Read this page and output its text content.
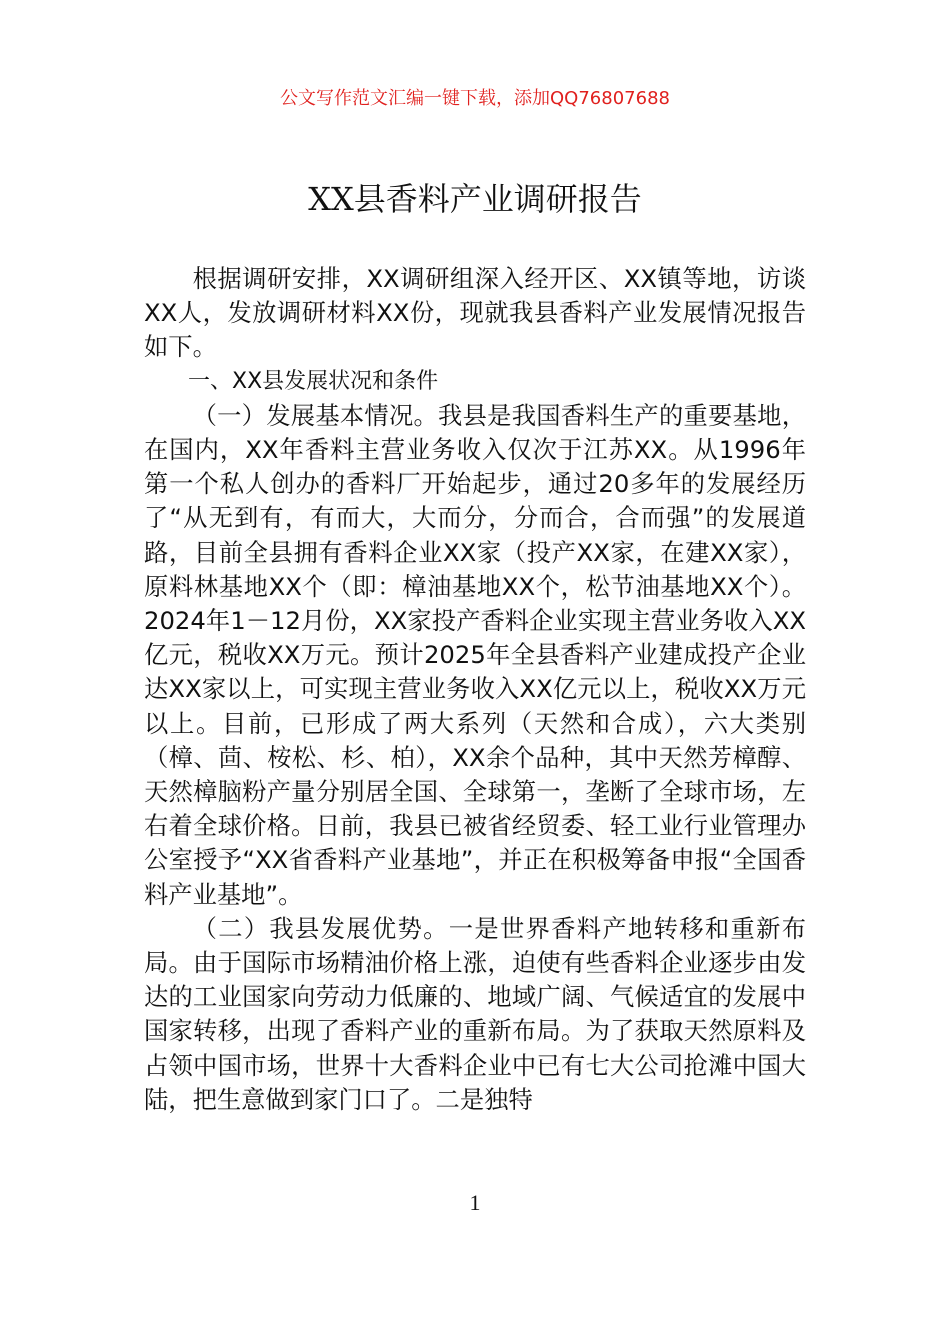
公文写作范文汇编一键下载，添加QQ76807688
XX县香料产业调研报告

根据调研安排，XX调研组深入经开区、XX镇等地，访谈XX人，发放调研材料XX份，现就我县香料产业发展情况报告如下。

一、XX县发展状况和条件

（一）发展基本情况。我县是我国香料生产的重要基地，在国内，XX年香料主营业务收入仅次于江苏XX。从1996年第一个私人创办的香料厂开始起步，通过20多年的发展经历了“从无到有，有而大，大而分，分而合，合而强”的发展道路，目前全县拥有香料企业XX家（投产XX家，在建XX家），原料林基地XX个（即：樟油基地XX个，松节油基地XX个）。2024年1－12月份，XX家投产香料企业实现主营业务收入XX亿元，税收XX万元。预计2025年全县香料产业建成投产企业达XX家以上，可实现主营业务收入XX亿元以上，税收XX万元以上。目前，已形成了两大系列（天然和合成），六大类别（樟、茴、桉松、杉、柏），XX余个品种，其中天然芳樟醇、天然樟脑粉产量分别居全国、全球第一，垄断了全球市场，左右着全球价格。日前，我县已被省经贸委、轻工业行业管理办公室授予“XX省香料产业基地”，并正在积极筹备申报“全国香料产业基地”。

（二）我县发展优势。一是世界香料产地转移和重新布局。由于国际市场精油价格上涨，迫使有些香料企业逐步由发达的工业国家向劳动力低廉的、地域广阔、气候适宜的发展中国家转移，出现了香料产业的重新布局。为了获取天然原料及占领中国市场，世界十大香料企业中已有七大公司抢滩中国大陆，把生意做到家门口了。二是独特

1
